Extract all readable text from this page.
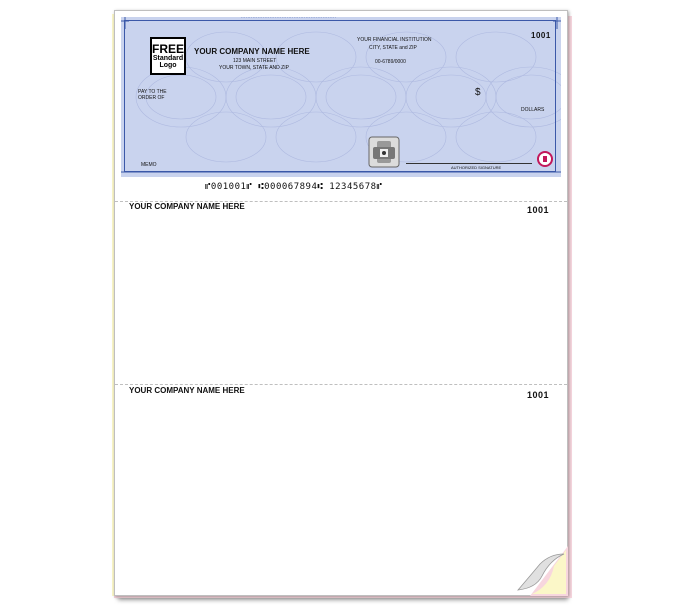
▪▪▪▪▪▪▪▪▪▪▪▪▪▪▪▪▪▪▪▪▪▪▪▪▪▪▪▪▪▪▪▪▪▪▪▪▪▪▪▪▪▪▪▪▪▪▪▪▪▪▪▪▪▪▪▪
FREE
Standard
Logo
YOUR COMPANY NAME HERE
123 MAIN STREET
YOUR TOWN, STATE AND ZIP
YOUR FINANCIAL INSTITUTION
CITY, STATE and ZIP
00-6789/0000
1001
PAY TO THE
ORDER OF	$
DOLLARS
MEMO	AUTHORIZED SIGNATURE
⑈001001⑈ ⑆000067894⑆ 12345678⑈
YOUR COMPANY NAME HERE	1001
YOUR COMPANY NAME HERE	1001
